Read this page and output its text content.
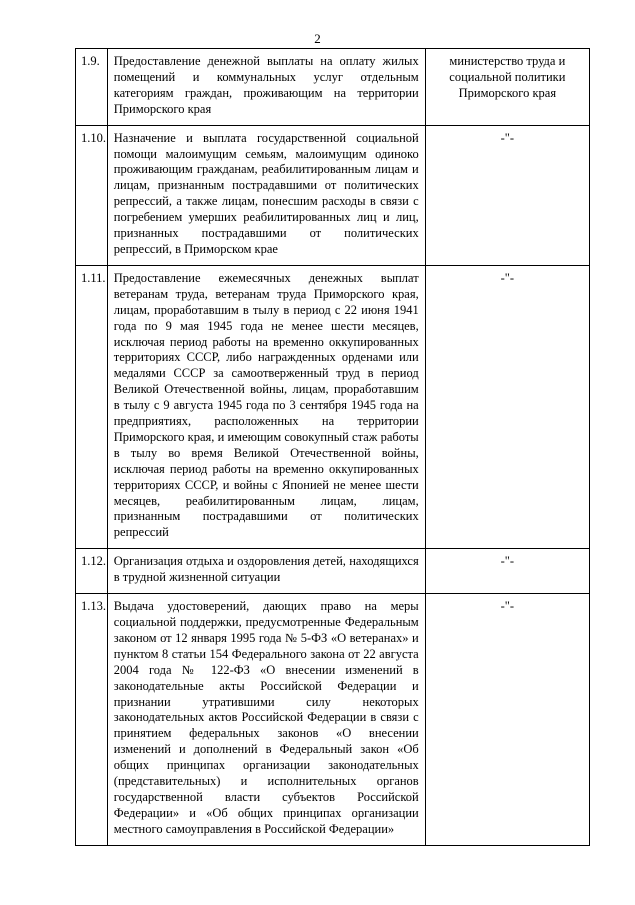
2
1.9.	Предоставление денежной выплаты на оплату жилых помещений и коммунальных услуг отдельным категориям граждан, проживающим на территории Приморского края	министерство труда и социальной политики Приморского края
1.10.	Назначение и выплата государственной социальной помощи малоимущим семьям, малоимущим одиноко проживающим гражданам, реабилитированным лицам и лицам, признанным пострадавшими от политических репрессий, а также лицам, понесшим расходы в связи с погребением умерших реабилитированных лиц и лиц, признанных пострадавшими от политических репрессий, в Приморском крае	-"-
1.11.	Предоставление ежемесячных денежных выплат ветеранам труда, ветеранам труда Приморского края, лицам, проработавшим в тылу в период с 22 июня 1941 года по 9 мая 1945 года не менее шести месяцев, исключая период работы на временно оккупированных территориях СССР, либо награжденных орденами или медалями СССР за самоотверженный труд в период Великой Отечественной войны, лицам, проработавшим в тылу с 9 августа 1945 года по 3 сентября 1945 года на предприятиях, расположенных на территории Приморского края, и имеющим совокупный стаж работы в тылу во время Великой Отечественной войны, исключая период работы на временно оккупированных территориях СССР, и войны с Японией не менее шести месяцев, реабилитированным лицам, лицам, признанным пострадавшими от политических репрессий	-"-
1.12.	Организация отдыха и оздоровления детей, находящихся в трудной жизненной ситуации	-"-
1.13.	Выдача удостоверений, дающих право на меры социальной поддержки, предусмотренные Федеральным законом от 12 января 1995 года № 5-ФЗ «О ветеранах» и пунктом 8 статьи 154 Федерального закона от 22 августа 2004 года № 122-ФЗ «О внесении изменений в законодательные акты Российской Федерации и признании утратившими силу некоторых законодательных актов Российской Федерации в связи с принятием федеральных законов «О внесении изменений и дополнений в Федеральный закон «Об общих принципах организации законодательных (представительных) и исполнительных органов государственной власти субъектов Российской Федерации» и «Об общих принципах организации местного самоуправления в Российской Федерации»	-"-
